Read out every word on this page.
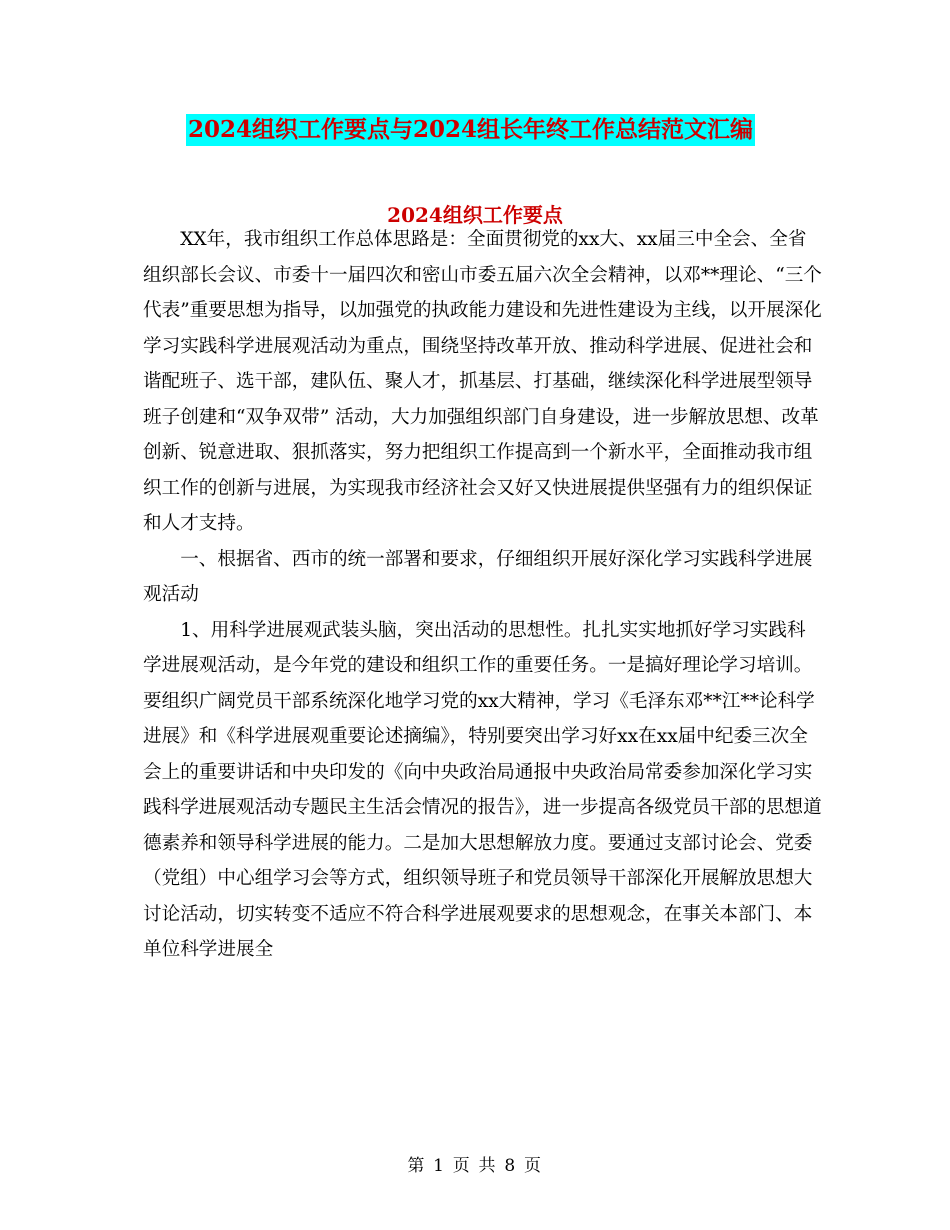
2024组织工作要点与2024组长年终工作总结范文汇编
2024组织工作要点

XX年，我市组织工作总体思路是：全面贯彻党的xx大、xx届三中全会、全省组织部长会议、市委十一届四次和密山市委五届六次全会精神，以邓**理论、“三个代表”重要思想为指导，以加强党的执政能力建设和先进性建设为主线，以开展深化学习实践科学进展观活动为重点，围绕坚持改革开放、推动科学进展、促进社会和谐配班子、选干部，建队伍、聚人才，抓基层、打基础，继续深化科学进展型领导班子创建和“双争双带” 活动，大力加强组织部门自身建设，进一步解放思想、改革创新、锐意进取、狠抓落实，努力把组织工作提高到一个新水平，全面推动我市组织工作的创新与进展，为实现我市经济社会又好又快进展提供坚强有力的组织保证和人才支持。

一、根据省、西市的统一部署和要求，仔细组织开展好深化学习实践科学进展观活动

1、用科学进展观武装头脑，突出活动的思想性。扎扎实实地抓好学习实践科学进展观活动，是今年党的建设和组织工作的重要任务。一是搞好理论学习培训。要组织广阔党员干部系统深化地学习党的xx大精神，学习《毛泽东邓**江**论科学进展》和《科学进展观重要论述摘编》，特别要突出学习好xx在xx届中纪委三次全会上的重要讲话和中央印发的《向中央政治局通报中央政治局常委参加深化学习实践科学进展观活动专题民主生活会情况的报告》，进一步提高各级党员干部的思想道德素养和领导科学进展的能力。二是加大思想解放力度。要通过支部讨论会、党委（党组）中心组学习会等方式，组织领导班子和党员领导干部深化开展解放思想大讨论活动，切实转变不适应不符合科学进展观要求的思想观念，在事关本部门、本单位科学进展全

第 1 页 共 8 页
